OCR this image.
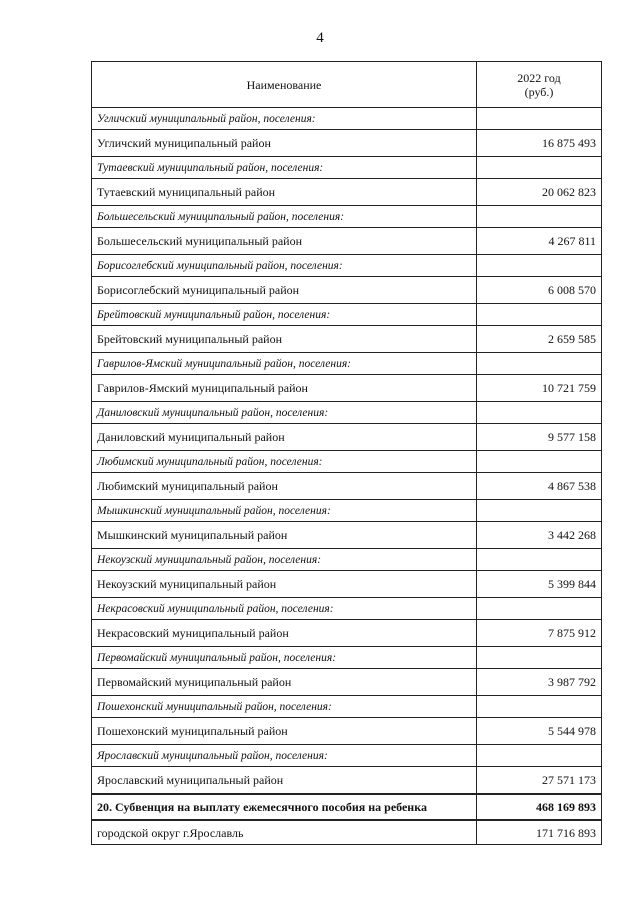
4
Наименование	2022 год
(руб.)

Угличский муниципальный район, поселения:	
Угличский муниципальный район	16 875 493
Тутаевский муниципальный район, поселения:	
Тутаевский муниципальный район	20 062 823
Большесельский муниципальный район, поселения:	
Большесельский муниципальный район	4 267 811
Борисоглебский муниципальный район, поселения:	
Борисоглебский муниципальный район	6 008 570
Брейтовский муниципальный район, поселения:	
Брейтовский муниципальный район	2 659 585
Гаврилов-Ямский муниципальный район, поселения:	
Гаврилов-Ямский муниципальный район	10 721 759
Даниловский муниципальный район, поселения:	
Даниловский муниципальный район	9 577 158
Любимский муниципальный район, поселения:	
Любимский муниципальный район	4 867 538
Мышкинский муниципальный район, поселения:	
Мышкинский муниципальный район	3 442 268
Некоузский муниципальный район, поселения:	
Некоузский муниципальный район	5 399 844
Некрасовский муниципальный район, поселения:	
Некрасовский муниципальный район	7 875 912
Первомайский муниципальный район, поселения:	
Первомайский муниципальный район	3 987 792
Пошехонский муниципальный район, поселения:	
Пошехонский муниципальный район	5 544 978
Ярославский муниципальный район, поселения:	
Ярославский муниципальный район	27 571 173
20. Субвенция на выплату ежемесячного пособия на ребенка	468 169 893
городской округ г.Ярославль	171 716 893
